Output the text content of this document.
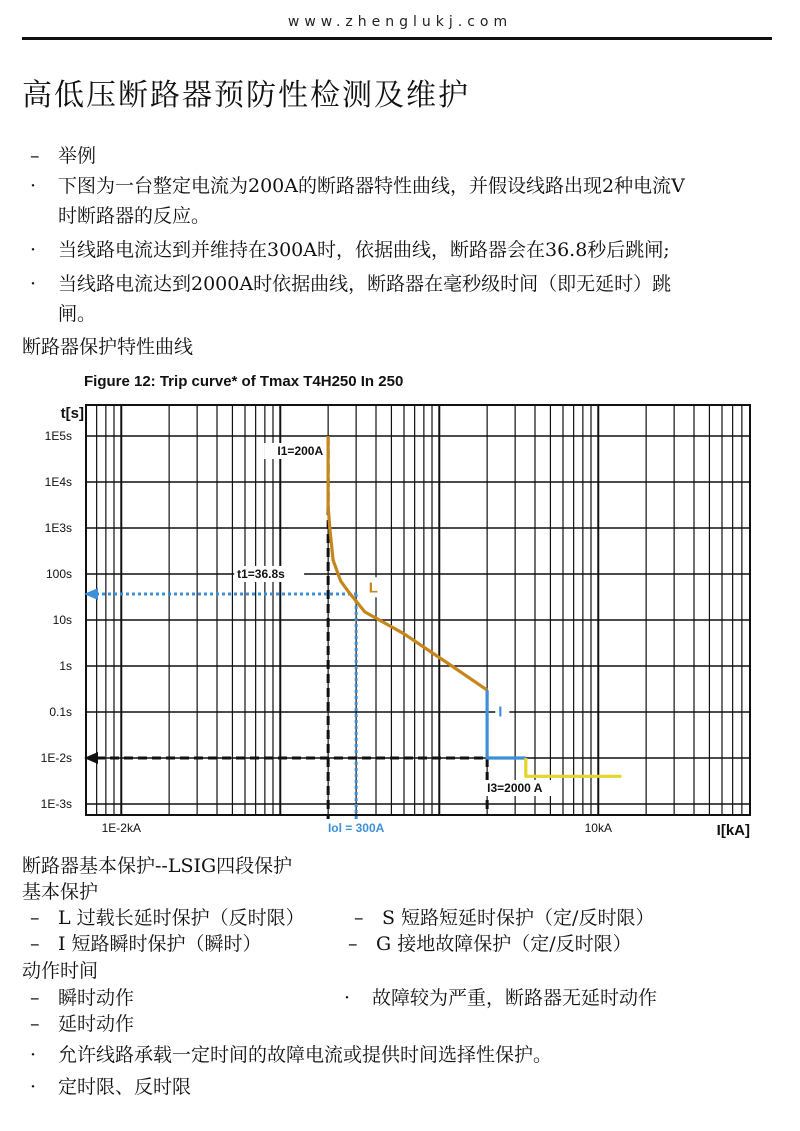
www.zhenglukj.com
高低压断路器预防性检测及维护
– 举例
· 下图为一台整定电流为200A的断路器特性曲线，并假设线路出现2种电流V
时断路器的反应。
· 当线路电流达到并维持在300A时，依据曲线，断路器会在36.8秒后跳闸;
· 当线路电流达到2000A时依据曲线，断路器在毫秒级时间（即无延时）跳
闸。
断路器保护特性曲线
Figure 12: Trip curve* of Tmax T4H250 In 250
1E5s
1E4s
1E3s
100s
10s
1s
0.1s
1E-2s
1E-3s
1E-2kA	10kA
t[s]
I[kA]
I1=200A
t1=36.8s
I3=2000 A
Iol = 300A
L
I
断路器基本保护--LSIG四段保护
基本保护
– L 过载长延时保护（反时限）	– S 短路短延时保护（定/反时限）
– I 短路瞬时保护（瞬时）	– G 接地故障保护（定/反时限）
动作时间
– 瞬时动作	· 故障较为严重，断路器无延时动作
– 延时动作
· 允许线路承载一定时间的故障电流或提供时间选择性保护。
· 定时限、反时限
